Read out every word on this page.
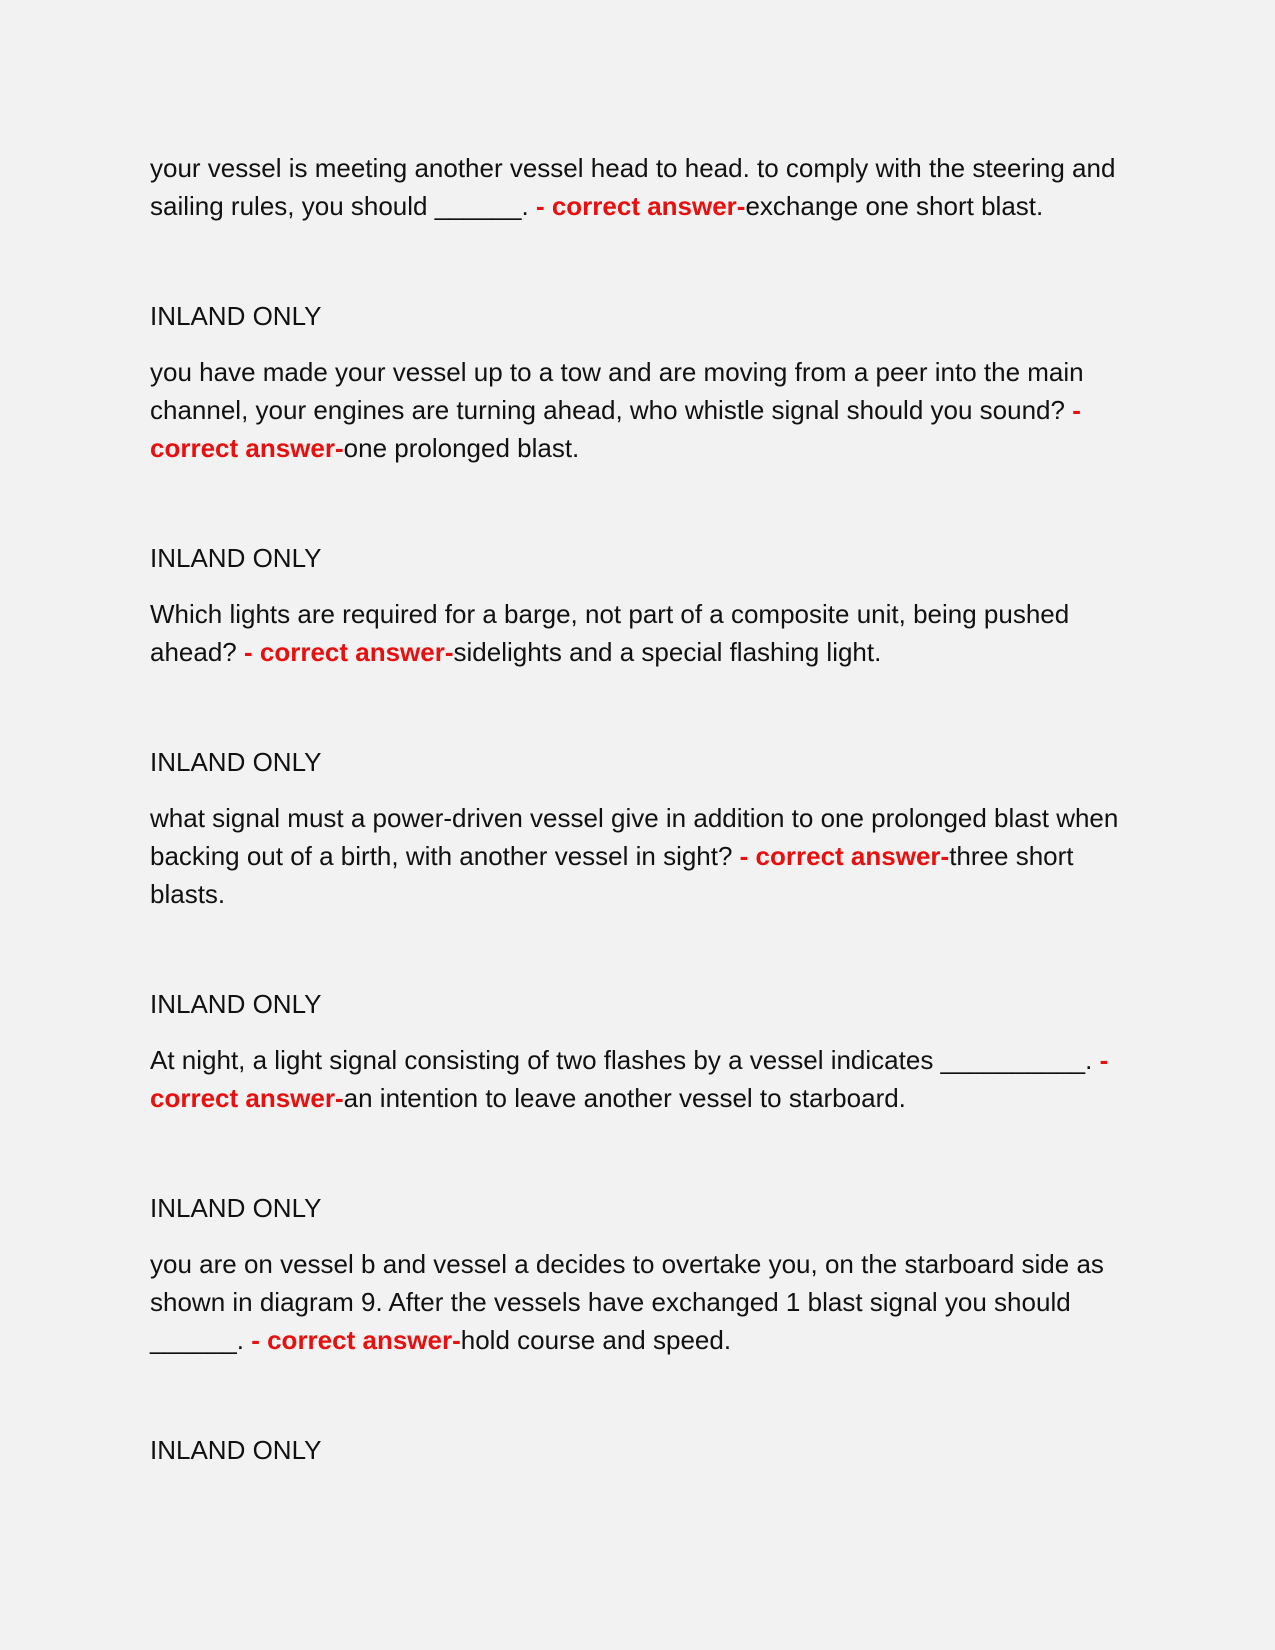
your vessel is meeting another vessel head to head. to comply with the steering and sailing rules, you should ______. - correct answer-exchange one short blast.

INLAND ONLY

you have made your vessel up to a tow and are moving from a peer into the main channel, your engines are turning ahead, who whistle signal should you sound? - correct answer-one prolonged blast.

INLAND ONLY

Which lights are required for a barge, not part of a composite unit, being pushed ahead? - correct answer-sidelights and a special flashing light.

INLAND ONLY

what signal must a power-driven vessel give in addition to one prolonged blast when backing out of a birth, with another vessel in sight? - correct answer-three short blasts.

INLAND ONLY

At night, a light signal consisting of two flashes by a vessel indicates __________. - correct answer-an intention to leave another vessel to starboard.

INLAND ONLY

you are on vessel b and vessel a decides to overtake you, on the starboard side as shown in diagram 9. After the vessels have exchanged 1 blast signal you should ______. - correct answer-hold course and speed.

INLAND ONLY
